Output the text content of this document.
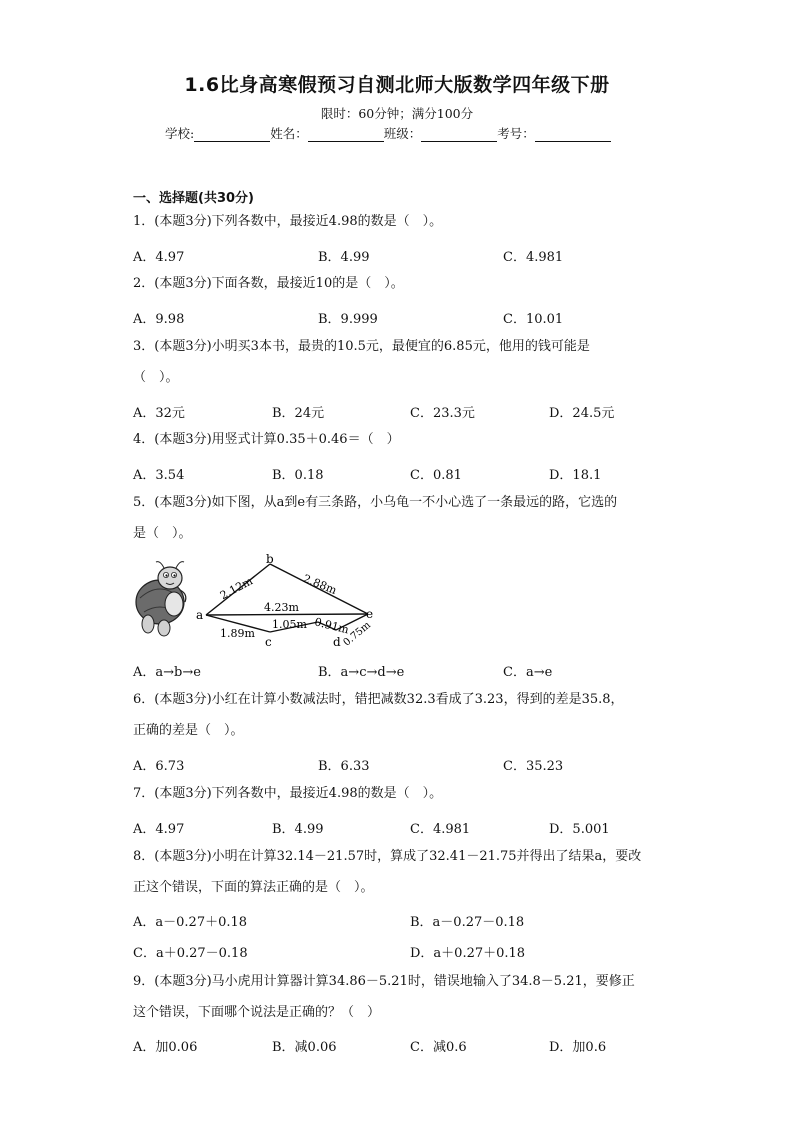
1.6比身高寒假预习自测北师大版数学四年级下册
限时：60分钟；满分100分
学校:	姓名：	班级：	考号：
一、选择题(共30分)
1．(本题3分)下列各数中，最接近4.98的数是（　）。
A．4.97	B．4.99	C．4.981
2．(本题3分)下面各数，最接近10的是（　）。
A．9.98	B．9.999	C．10.01
3．(本题3分)小明买3本书，最贵的10.5元，最便宜的6.85元，他用的钱可能是
（　）。
A．32元	B．24元	C．23.3元	D．24.5元
4．(本题3分)用竖式计算0.35＋0.46＝（　）
A．3.54	B．0.18	C．0.81	D．18.1
5．(本题3分)如下图，从a到e有三条路，小乌龟一不小心选了一条最远的路，它选的
是（　）。
a
b
c	d
e
2.12m	2.88m
4.23m
1.89m
1.05m 0.91m
0.75m
A．a→b→e	B．a→c→d→e	C．a→e
6．(本题3分)小红在计算小数减法时，错把减数32.3看成了3.23，得到的差是35.8，
正确的差是（　）。
A．6.73	B．6.33	C．35.23
7．(本题3分)下列各数中，最接近4.98的数是（　）。
A．4.97	B．4.99	C．4.981	D．5.001
8．(本题3分)小明在计算32.14－21.57时，算成了32.41－21.75并得出了结果a，要改
正这个错误，下面的算法正确的是（　）。
A．a－0.27＋0.18	B．a－0.27－0.18
C．a＋0.27－0.18	D．a＋0.27＋0.18
9．(本题3分)马小虎用计算器计算34.86－5.21时，错误地输入了34.8－5.21，要修正
这个错误，下面哪个说法是正确的？（　）
A．加0.06	B．减0.06	C．减0.6	D．加0.6
